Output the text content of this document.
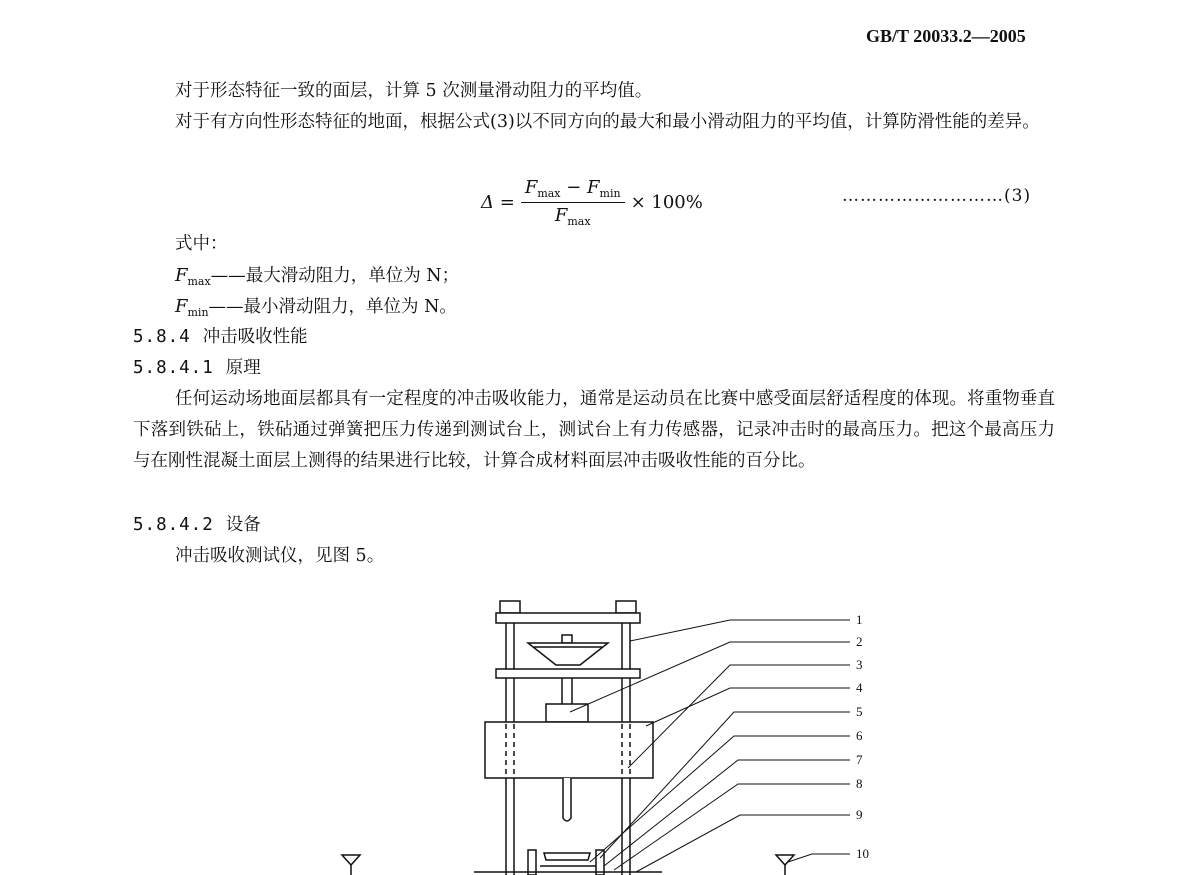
GB/T 20033.2—2005
对于形态特征一致的面层，计算 5 次测量滑动阻力的平均值。
对于有方向性形态特征的地面，根据公式(3)以不同方向的最大和最小滑动阻力的平均值，计算防滑性能的差异。
$\Delta = \frac{F_{max} - F_{min}}{F_{max}} \times 100\%$	………………………(3)
式中：
$F_{max}——$最大滑动阻力，单位为 N；
$F_{min}——$最小滑动阻力，单位为 N。
5.8.4 冲击吸收性能
5.8.4.1 原理
任何运动场地面层都具有一定程度的冲击吸收能力，通常是运动员在比赛中感受面层舒适程度的体现。将重物垂直下落到铁砧上，铁砧通过弹簧把压力传递到测试台上，测试台上有力传感器，记录冲击时的最高压力。把这个最高压力与在刚性混凝土面层上测得的结果进行比较，计算合成材料面层冲击吸收性能的百分比。
5.8.4.2 设备
冲击吸收测试仪，见图 5。
1
2
3
4
5
6
7
8
9
10
